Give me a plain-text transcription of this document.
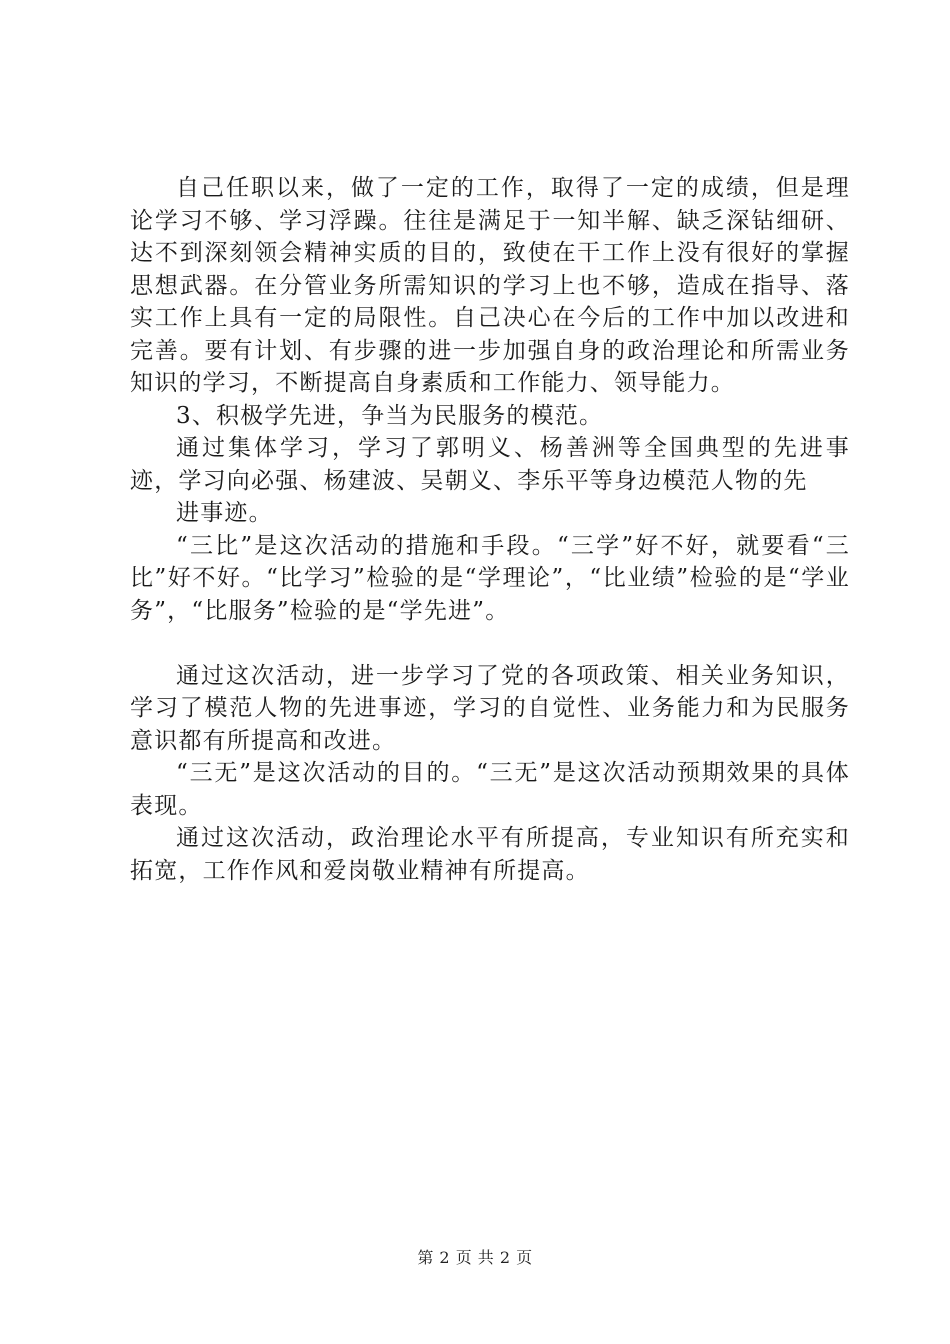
自己任职以来，做了一定的工作，取得了一定的成绩，但是理论学习不够、学习浮躁。往往是满足于一知半解、缺乏深钻细研、达不到深刻领会精神实质的目的，致使在干工作上没有很好的掌握思想武器。在分管业务所需知识的学习上也不够，造成在指导、落实工作上具有一定的局限性。自己决心在今后的工作中加以改进和完善。要有计划、有步骤的进一步加强自身的政治理论和所需业务知识的学习，不断提高自身素质和工作能力、领导能力。

3、积极学先进，争当为民服务的模范。

通过集体学习，学习了郭明义、杨善洲等全国典型的先进事迹，学习向必强、杨建波、吴朝义、李乐平等身边模范人物的先

进事迹。

“三比”是这次活动的措施和手段。“三学”好不好，就要看“三比”好不好。“比学习”检验的是“学理论”，“比业绩”检验的是“学业务”，“比服务”检验的是“学先进”。

通过这次活动，进一步学习了党的各项政策、相关业务知识，学习了模范人物的先进事迹，学习的自觉性、业务能力和为民服务意识都有所提高和改进。

“三无”是这次活动的目的。“三无”是这次活动预期效果的具体表现。

通过这次活动，政治理论水平有所提高，专业知识有所充实和拓宽，工作作风和爱岗敬业精神有所提高。

第 2 页 共 2 页
